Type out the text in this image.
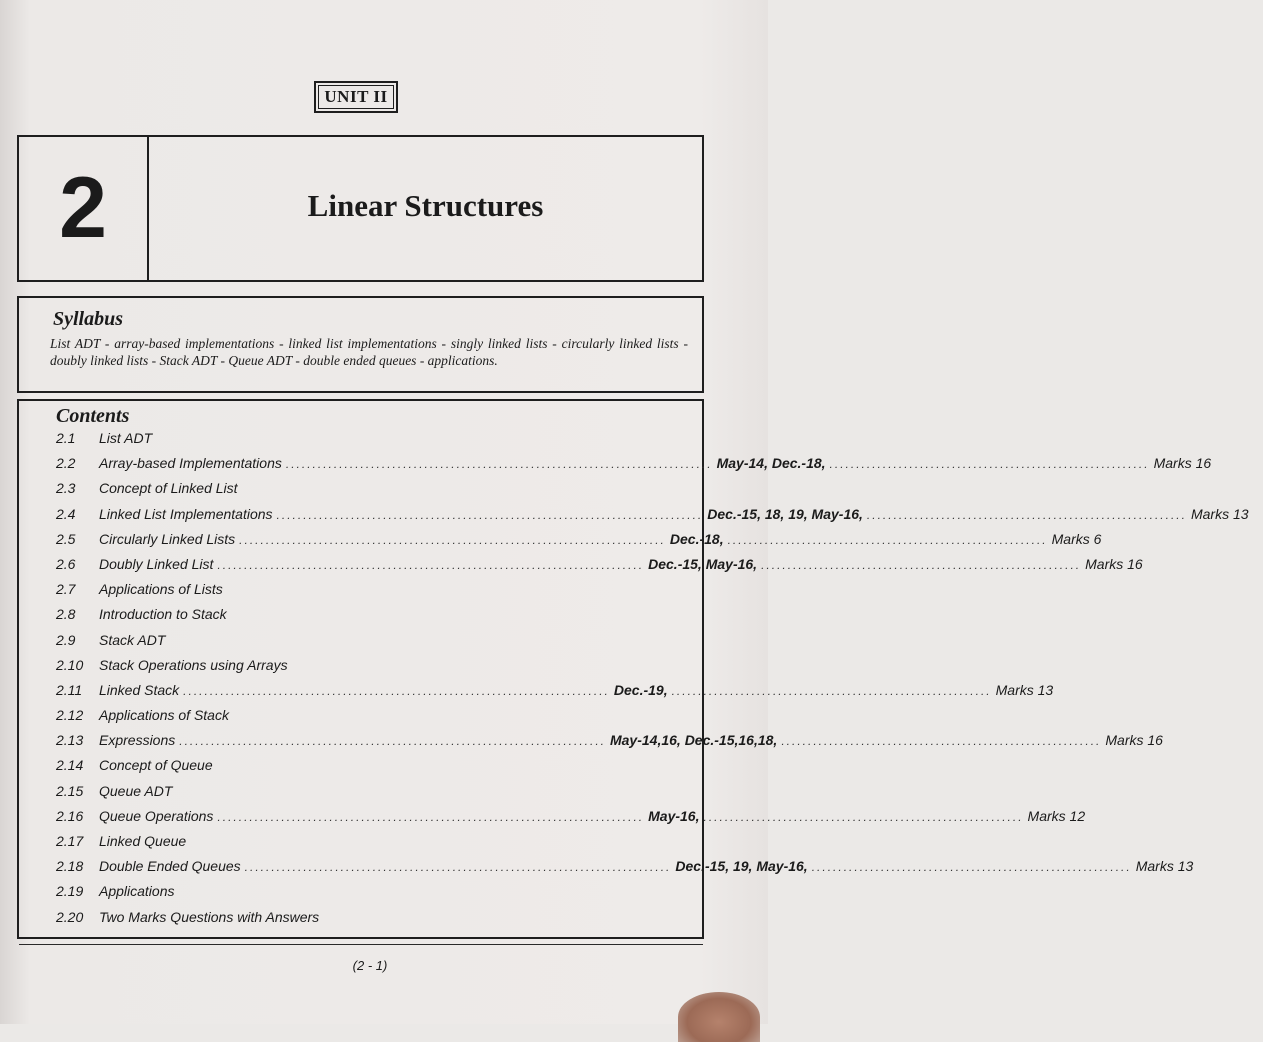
UNIT II
2	Linear Structures
Syllabus
List ADT - array-based implementations - linked list implementations - singly linked lists - circularly linked lists - doubly linked lists - Stack ADT - Queue ADT - double ended queues - applications.
Contents
2.1	List ADT
2.2	Array-based Implementations ................................................................................ May-14, Dec.-18, ............................................................ Marks 16
2.3	Concept of Linked List
2.4	Linked List Implementations ................................................................................ Dec.-15, 18, 19, May-16, ............................................................ Marks 13
2.5	Circularly Linked Lists ................................................................................ Dec.-18, ............................................................ Marks 6
2.6	Doubly Linked List ................................................................................ Dec.-15, May-16, ............................................................ Marks 16
2.7	Applications of Lists
2.8	Introduction to Stack
2.9	Stack ADT
2.10	Stack Operations using Arrays
2.11	Linked Stack ................................................................................ Dec.-19, ............................................................ Marks 13
2.12	Applications of Stack
2.13	Expressions ................................................................................ May-14,16, Dec.-15,16,18, ............................................................ Marks 16
2.14	Concept of Queue
2.15	Queue ADT
2.16	Queue Operations ................................................................................ May-16, ............................................................ Marks 12
2.17	Linked Queue
2.18	Double Ended Queues ................................................................................ Dec.-15, 19, May-16, ............................................................ Marks 13
2.19	Applications
2.20	Two Marks Questions with Answers
(2 - 1)
